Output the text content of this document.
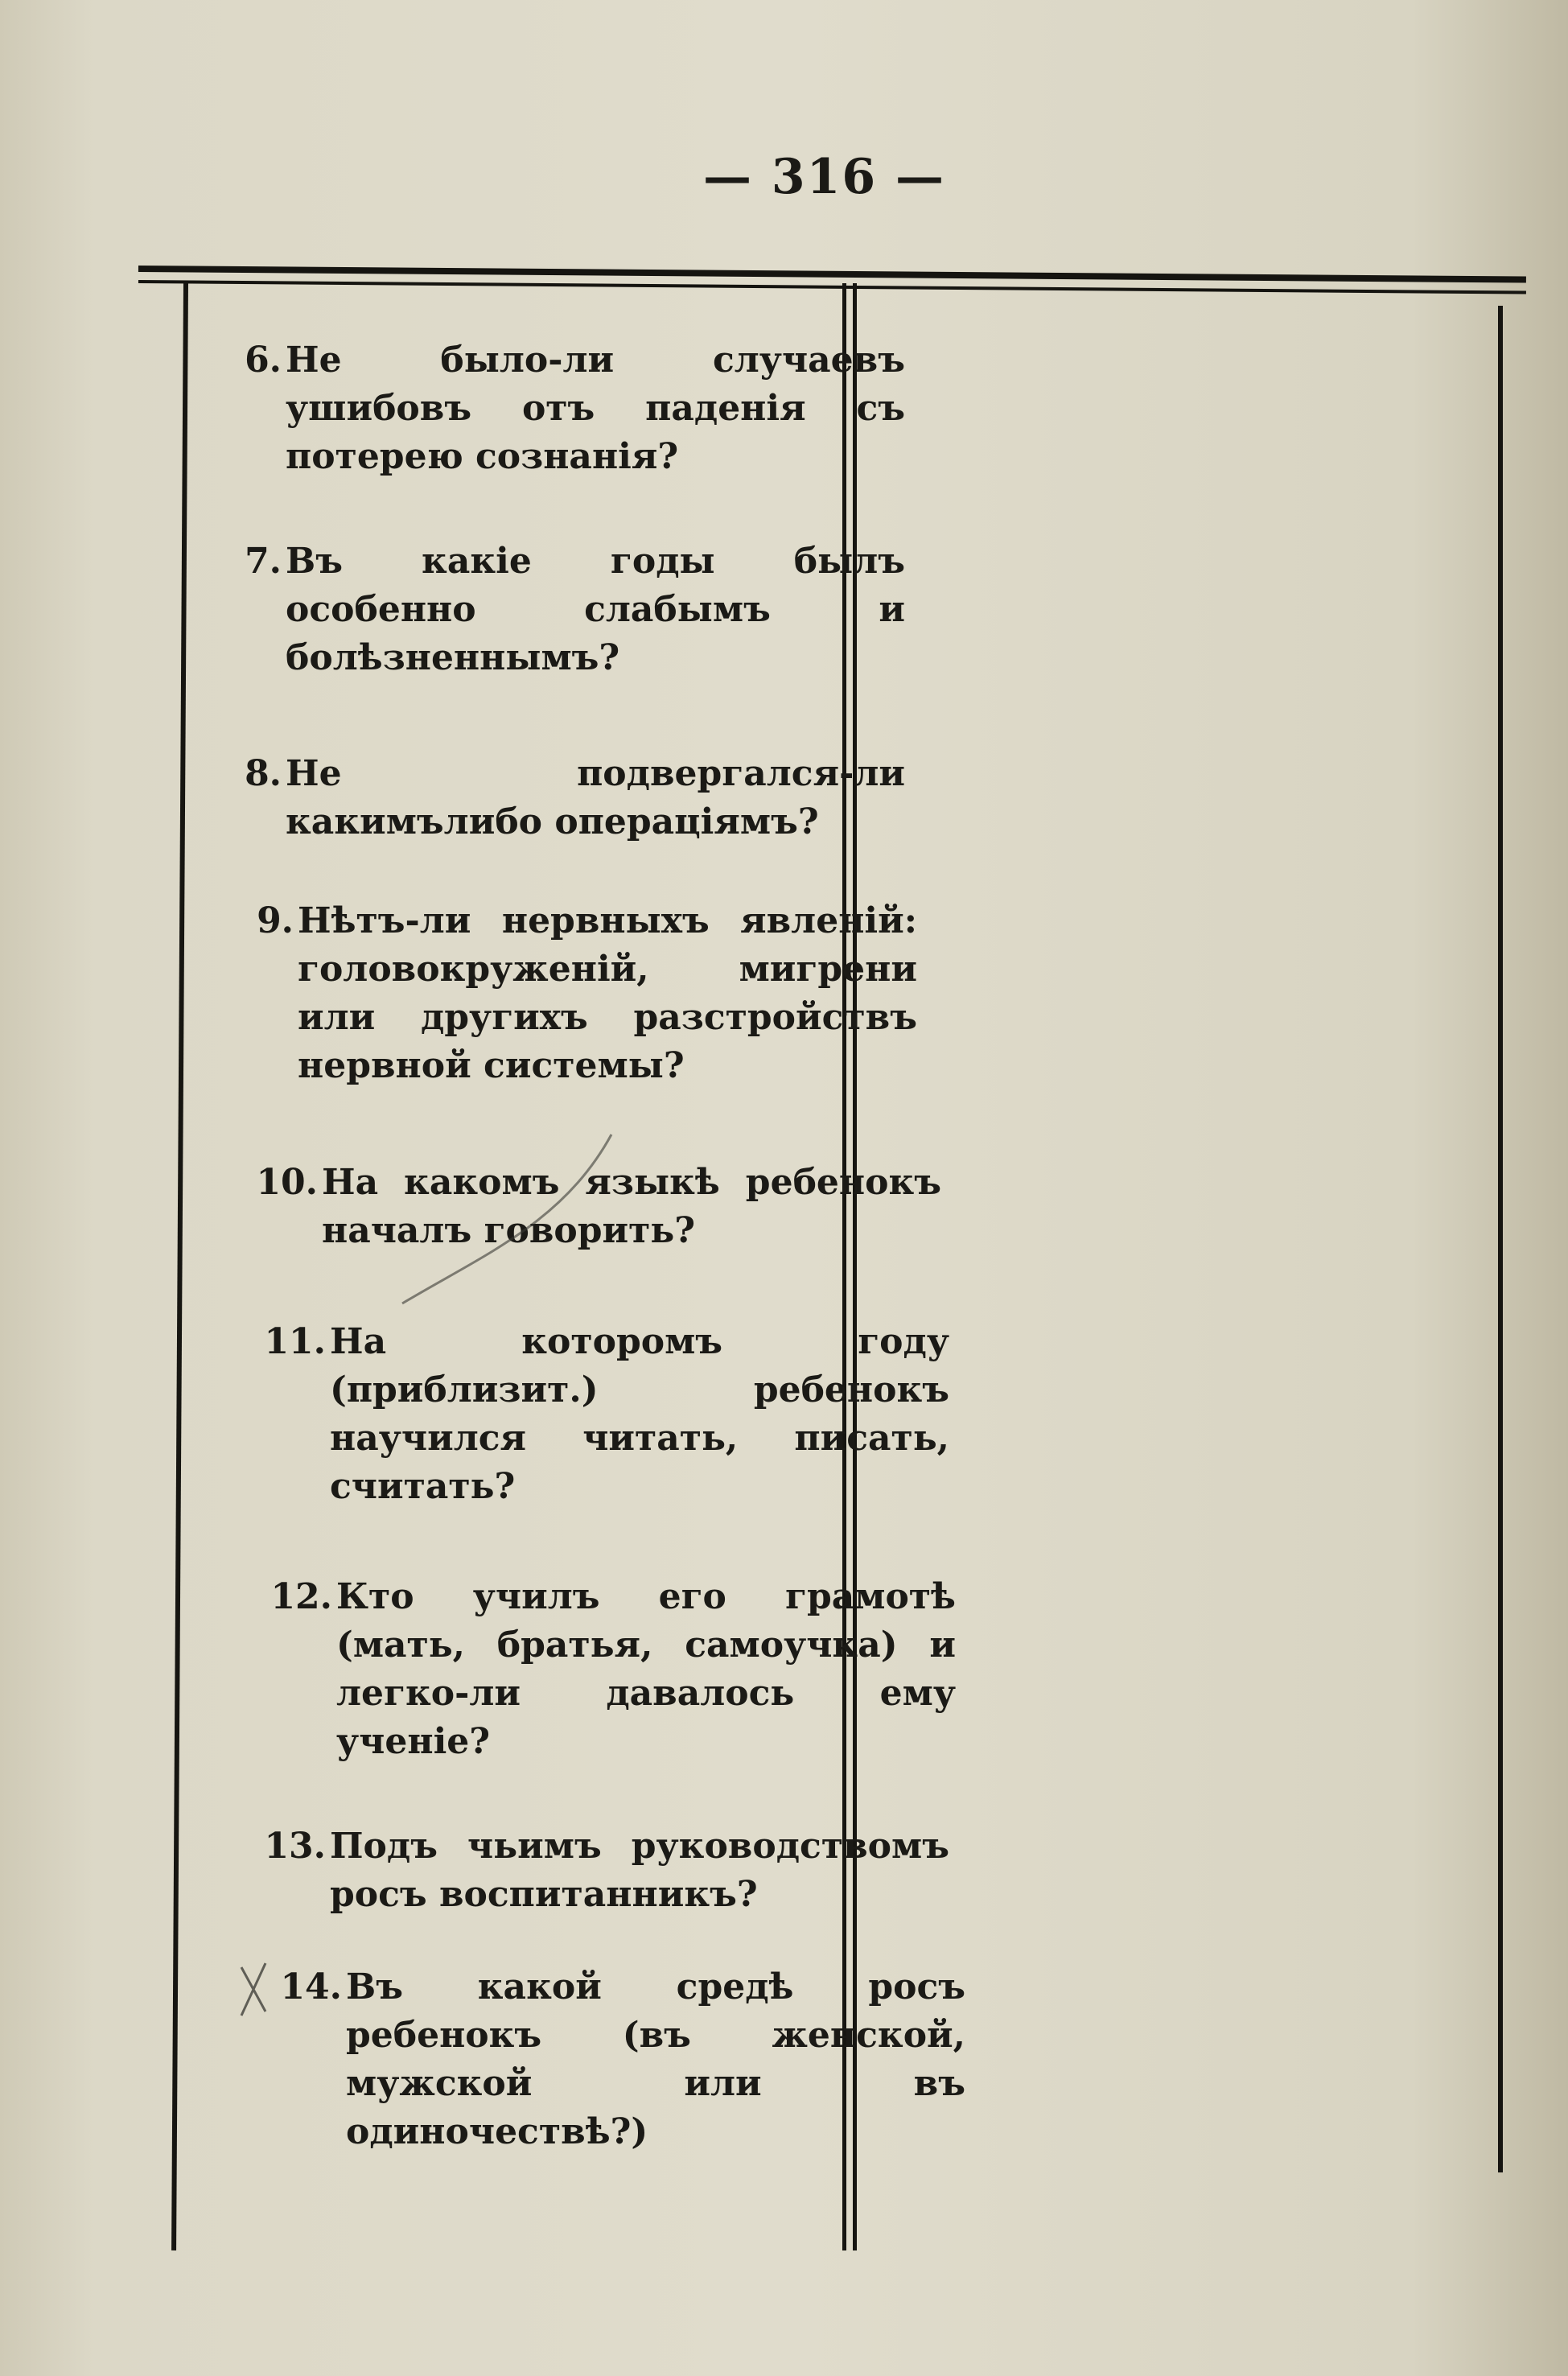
— 316 —
6. Не было-ли случаевъ ушибовъ отъ паденія съ потерею сознанія?
7. Въ какіе годы былъ особенно слабымъ и болѣзненнымъ?
8. Не подвергался-ли какимълибо операціямъ?
9. Нѣтъ-ли нервныхъ явленій: головокруженій, мигрени или другихъ разстройствъ нервной системы?
10. На какомъ языкѣ ребенокъ началъ говорить?
11. На которомъ году (приблизит.) ребенокъ научился читать, писать, считать?
12. Кто училъ его грамотѣ (мать, братья, самоучка) и легко-ли давалось ему ученіе?
13. Подъ чьимъ руководствомъ росъ воспитанникъ?
14. Въ какой средѣ росъ ребенокъ (въ женской, мужской или въ одиночествѣ?)
